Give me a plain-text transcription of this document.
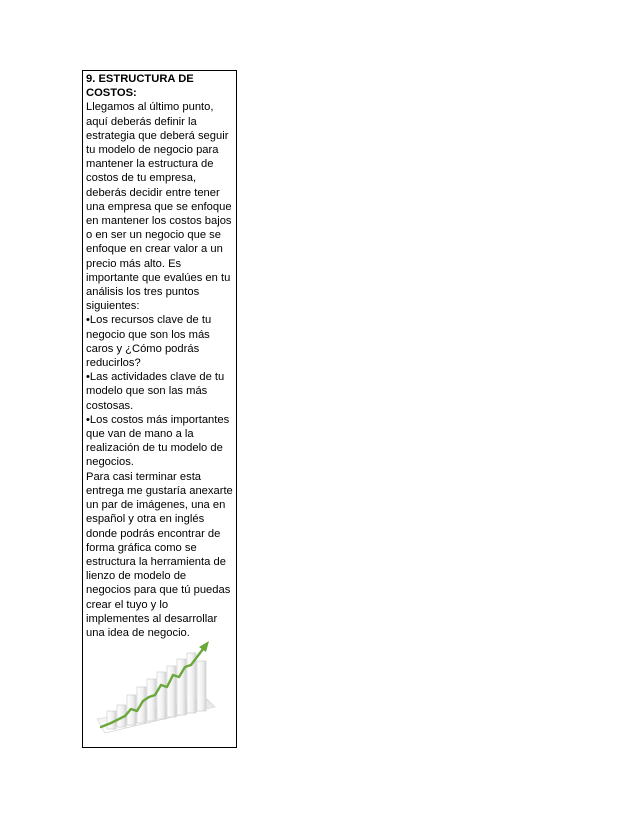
9. ESTRUCTURA DE COSTOS:

Llegamos al último punto, aquí deberás definir la estrategia que deberá seguir tu modelo de negocio para mantener la estructura de costos de tu empresa, deberás decidir entre tener una empresa que se enfoque en mantener los costos bajos o en ser un negocio que se enfoque en crear valor a un precio más alto. Es importante que evalúes en tu análisis los tres puntos siguientes:

•Los recursos clave de tu negocio que son los más caros y ¿Cómo podrás reducirlos?

•Las actividades clave de tu modelo que son las más costosas.

•Los costos más importantes que van de mano a la realización de tu modelo de negocios.

Para casi terminar esta entrega me gustaría anexarte un par de imágenes, una en español y otra en inglés donde podrás encontrar de forma gráfica como se estructura la herramienta de lienzo de modelo de negocios para que tú puedas crear el tuyo y lo implementes al desarrollar una idea de negocio.
